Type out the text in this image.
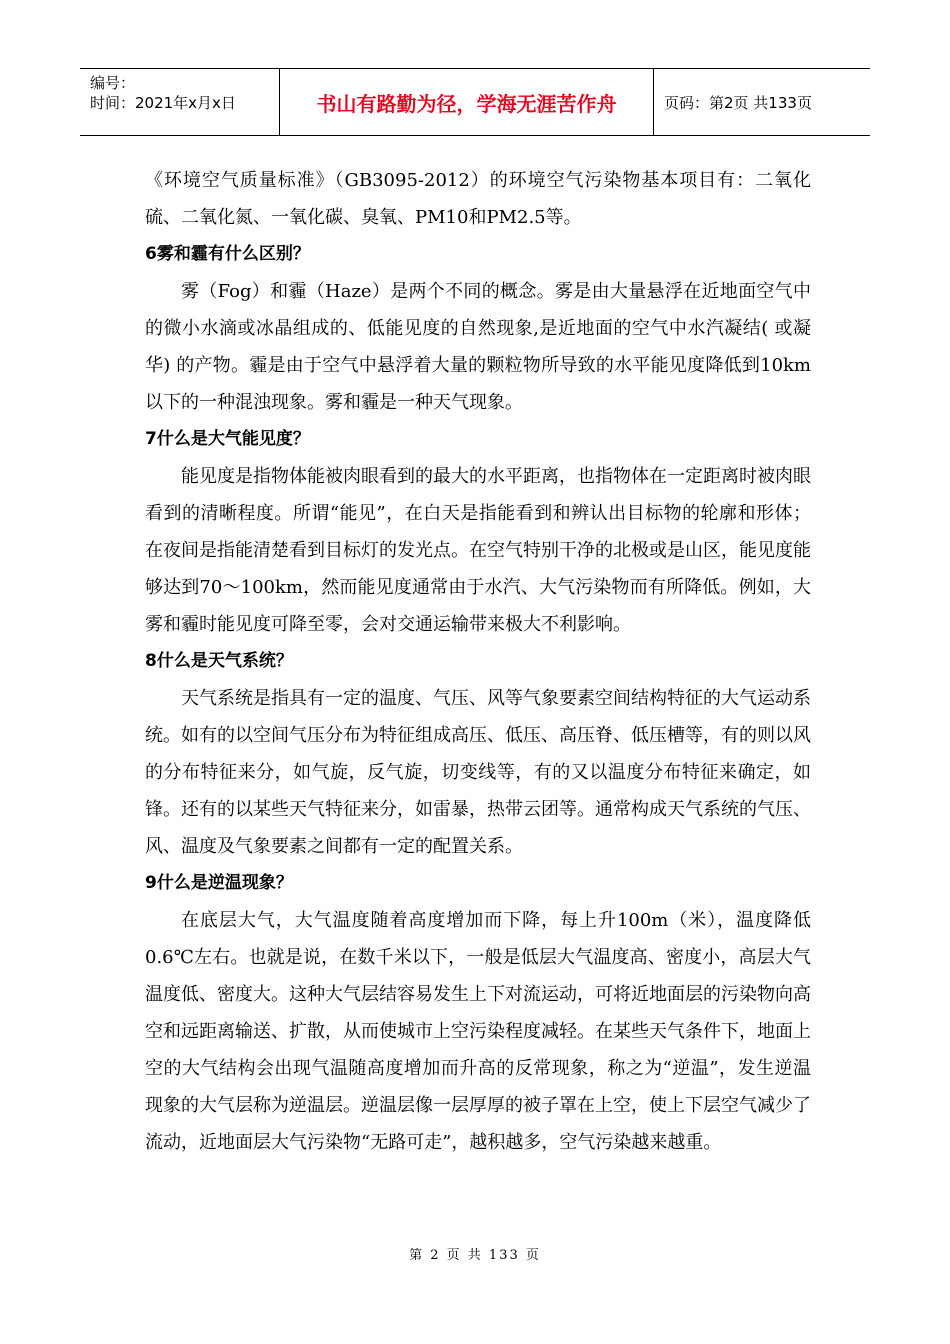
编号：
时间：2021年x月x日	书山有路勤为径，学海无涯苦作舟	页码：第2页 共133页

《环境空气质量标准》（GB3095-2012）的环境空气污染物基本项目有：二氧化硫、二氧化氮、一氧化碳、臭氧、PM10和PM2.5等。

6雾和霾有什么区别？

雾（Fog）和霾（Haze）是两个不同的概念。雾是由大量悬浮在近地面空气中的微小水滴或冰晶组成的、低能见度的自然现象,是近地面的空气中水汽凝结( 或凝华) 的产物。霾是由于空气中悬浮着大量的颗粒物所导致的水平能见度降低到10km以下的一种混浊现象。雾和霾是一种天气现象。

7什么是大气能见度？

能见度是指物体能被肉眼看到的最大的水平距离，也指物体在一定距离时被肉眼看到的清晰程度。所谓“能见”，在白天是指能看到和辨认出目标物的轮廓和形体；在夜间是指能清楚看到目标灯的发光点。在空气特别干净的北极或是山区，能见度能够达到70～100km，然而能见度通常由于水汽、大气污染物而有所降低。例如，大雾和霾时能见度可降至零，会对交通运输带来极大不利影响。

8什么是天气系统？

天气系统是指具有一定的温度、气压、风等气象要素空间结构特征的大气运动系统。如有的以空间气压分布为特征组成高压、低压、高压脊、低压槽等，有的则以风的分布特征来分，如气旋，反气旋，切变线等，有的又以温度分布特征来确定，如锋。还有的以某些天气特征来分，如雷暴，热带云团等。通常构成天气系统的气压、风、温度及气象要素之间都有一定的配置关系。

9什么是逆温现象？

在底层大气，大气温度随着高度增加而下降，每上升100m（米），温度降低0.6℃左右。也就是说，在数千米以下，一般是低层大气温度高、密度小，高层大气温度低、密度大。这种大气层结容易发生上下对流运动，可将近地面层的污染物向高空和远距离输送、扩散，从而使城市上空污染程度减轻。在某些天气条件下，地面上空的大气结构会出现气温随高度增加而升高的反常现象，称之为“逆温”，发生逆温现象的大气层称为逆温层。逆温层像一层厚厚的被子罩在上空，使上下层空气减少了流动，近地面层大气污染物“无路可走”，越积越多，空气污染越来越重。

第 2 页 共 133 页
